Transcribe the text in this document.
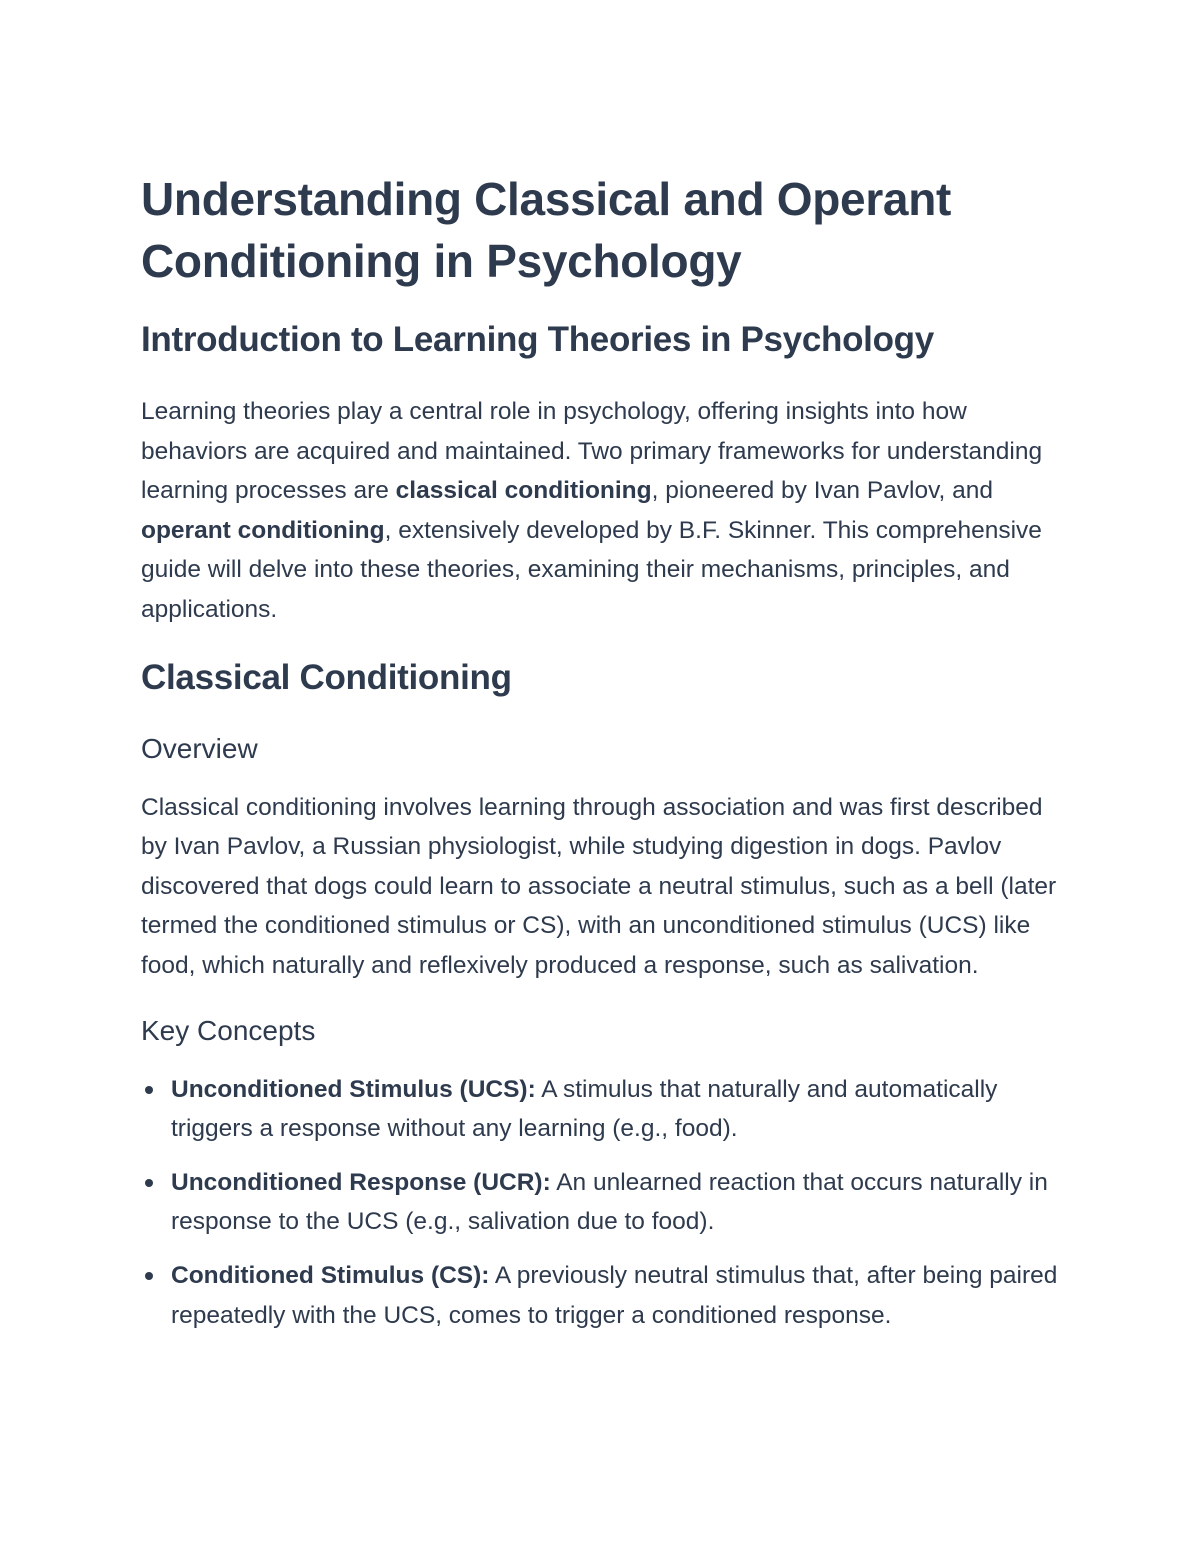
Understanding Classical and Operant Conditioning in Psychology
Introduction to Learning Theories in Psychology

Learning theories play a central role in psychology, offering insights into how behaviors are acquired and maintained. Two primary frameworks for understanding learning processes are classical conditioning, pioneered by Ivan Pavlov, and operant conditioning, extensively developed by B.F. Skinner. This comprehensive guide will delve into these theories, examining their mechanisms, principles, and applications.

Classical Conditioning
Overview

Classical conditioning involves learning through association and was first described by Ivan Pavlov, a Russian physiologist, while studying digestion in dogs. Pavlov discovered that dogs could learn to associate a neutral stimulus, such as a bell (later termed the conditioned stimulus or CS), with an unconditioned stimulus (UCS) like food, which naturally and reflexively produced a response, such as salivation.

Key Concepts
Unconditioned Stimulus (UCS): A stimulus that naturally and automatically triggers a response without any learning (e.g., food).
Unconditioned Response (UCR): An unlearned reaction that occurs naturally in response to the UCS (e.g., salivation due to food).
Conditioned Stimulus (CS): A previously neutral stimulus that, after being paired repeatedly with the UCS, comes to trigger a conditioned response.
